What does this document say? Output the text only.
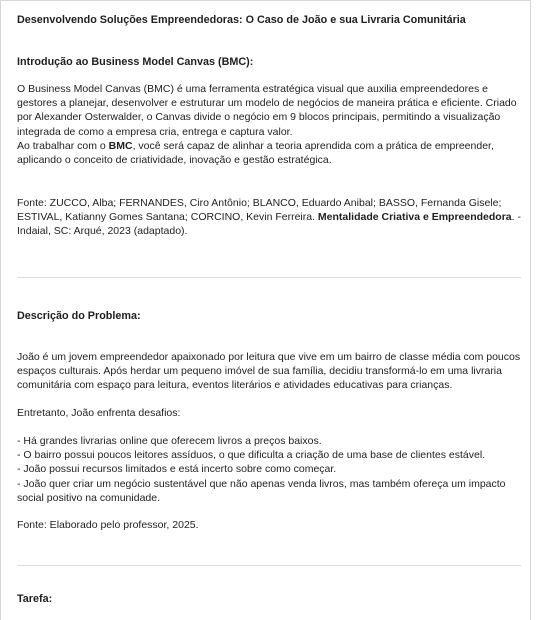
Desenvolvendo Soluções Empreendedoras: O Caso de João e sua Livraria Comunitária
Introdução ao Business Model Canvas (BMC):

O Business Model Canvas (BMC) é uma ferramenta estratégica visual que auxilia empreendedores e gestores a planejar, desenvolver e estruturar um modelo de negócios de maneira prática e eficiente. Criado por Alexander Osterwalder, o Canvas divide o negócio em 9 blocos principais, permitindo a visualização integrada de como a empresa cria, entrega e captura valor.

Ao trabalhar com o BMC, você será capaz de alinhar a teoria aprendida com a prática de empreender, aplicando o conceito de criatividade, inovação e gestão estratégica.

Fonte: ZUCCO, Alba; FERNANDES, Ciro Antônio; BLANCO, Eduardo Anibal; BASSO, Fernanda Gisele; ESTIVAL, Katianny Gomes Santana; CORCINO, Kevin Ferreira. Mentalidade Criativa e Empreendedora. - Indaial, SC: Arqué, 2023 (adaptado).

Descrição do Problema:

João é um jovem empreendedor apaixonado por leitura que vive em um bairro de classe média com poucos espaços culturais. Após herdar um pequeno imóvel de sua família, decidiu transformá-lo em uma livraria comunitária com espaço para leitura, eventos literários e atividades educativas para crianças.

Entretanto, João enfrenta desafios:

- Há grandes livrarias online que oferecem livros a preços baixos.
- O bairro possui poucos leitores assíduos, o que dificulta a criação de uma base de clientes estável.
- João possui recursos limitados e está incerto sobre como começar.
- João quer criar um negócio sustentável que não apenas venda livros, mas também ofereça um impacto social positivo na comunidade.

Fonte: Elaborado pelo professor, 2025.

Tarefa:
